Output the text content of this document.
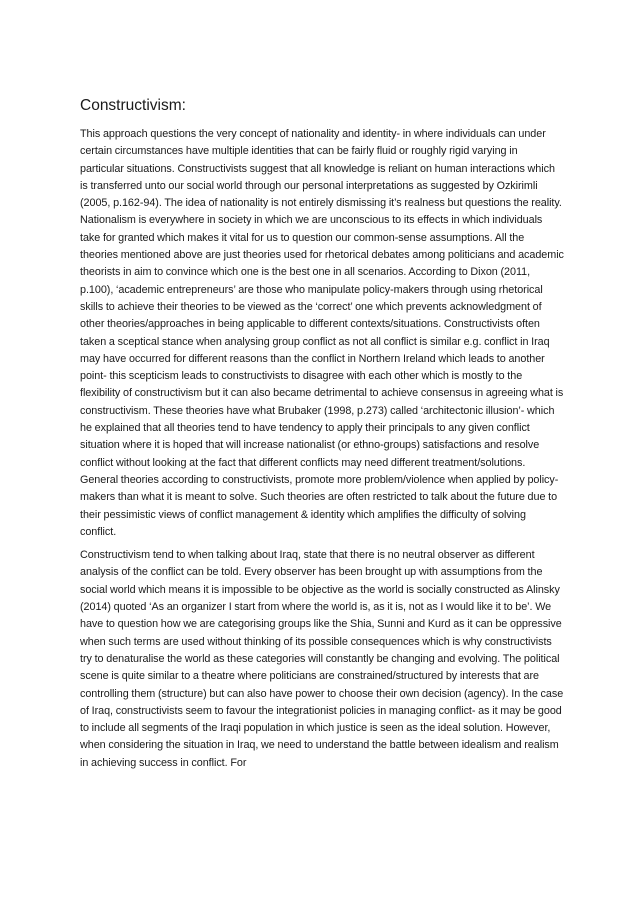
Constructivism:

This approach questions the very concept of nationality and identity- in where individuals can under certain circumstances have multiple identities that can be fairly fluid or roughly rigid varying in particular situations. Constructivists suggest that all knowledge is reliant on human interactions which is transferred unto our social world through our personal interpretations as suggested by Ozkirimli (2005, p.162-94). The idea of nationality is not entirely dismissing it’s realness but questions the reality. Nationalism is everywhere in society in which we are unconscious to its effects in which individuals take for granted which makes it vital for us to question our common-sense assumptions. All the theories mentioned above are just theories used for rhetorical debates among politicians and academic theorists in aim to convince which one is the best one in all scenarios. According to Dixon (2011, p.100), ‘academic entrepreneurs’ are those who manipulate policy-makers through using rhetorical skills to achieve their theories to be viewed as the ‘correct’ one which prevents acknowledgment of other theories/approaches in being applicable to different contexts/situations. Constructivists often taken a sceptical stance when analysing group conflict as not all conflict is similar e.g. conflict in Iraq may have occurred for different reasons than the conflict in Northern Ireland which leads to another point- this scepticism leads to constructivists to disagree with each other which is mostly to the flexibility of constructivism but it can also became detrimental to achieve consensus in agreeing what is constructivism. These theories have what Brubaker (1998, p.273) called ‘architectonic illusion’- which he explained that all theories tend to have tendency to apply their principals to any given conflict situation where it is hoped that will increase nationalist (or ethno-groups) satisfactions and resolve conflict without looking at the fact that different conflicts may need different treatment/solutions. General theories according to constructivists, promote more problem/violence when applied by policy-makers than what it is meant to solve. Such theories are often restricted to talk about the future due to their pessimistic views of conflict management & identity which amplifies the difficulty of solving conflict.

Constructivism tend to when talking about Iraq, state that there is no neutral observer as different analysis of the conflict can be told. Every observer has been brought up with assumptions from the social world which means it is impossible to be objective as the world is socially constructed as Alinsky (2014) quoted ‘As an organizer I start from where the world is, as it is, not as I would like it to be’. We have to question how we are categorising groups like the Shia, Sunni and Kurd as it can be oppressive when such terms are used without thinking of its possible consequences which is why constructivists try to denaturalise the world as these categories will constantly be changing and evolving. The political scene is quite similar to a theatre where politicians are constrained/structured by interests that are controlling them (structure) but can also have power to choose their own decision (agency). In the case of Iraq, constructivists seem to favour the integrationist policies in managing conflict- as it may be good to include all segments of the Iraqi population in which justice is seen as the ideal solution. However, when considering the situation in Iraq, we need to understand the battle between idealism and realism in achieving success in conflict. For
